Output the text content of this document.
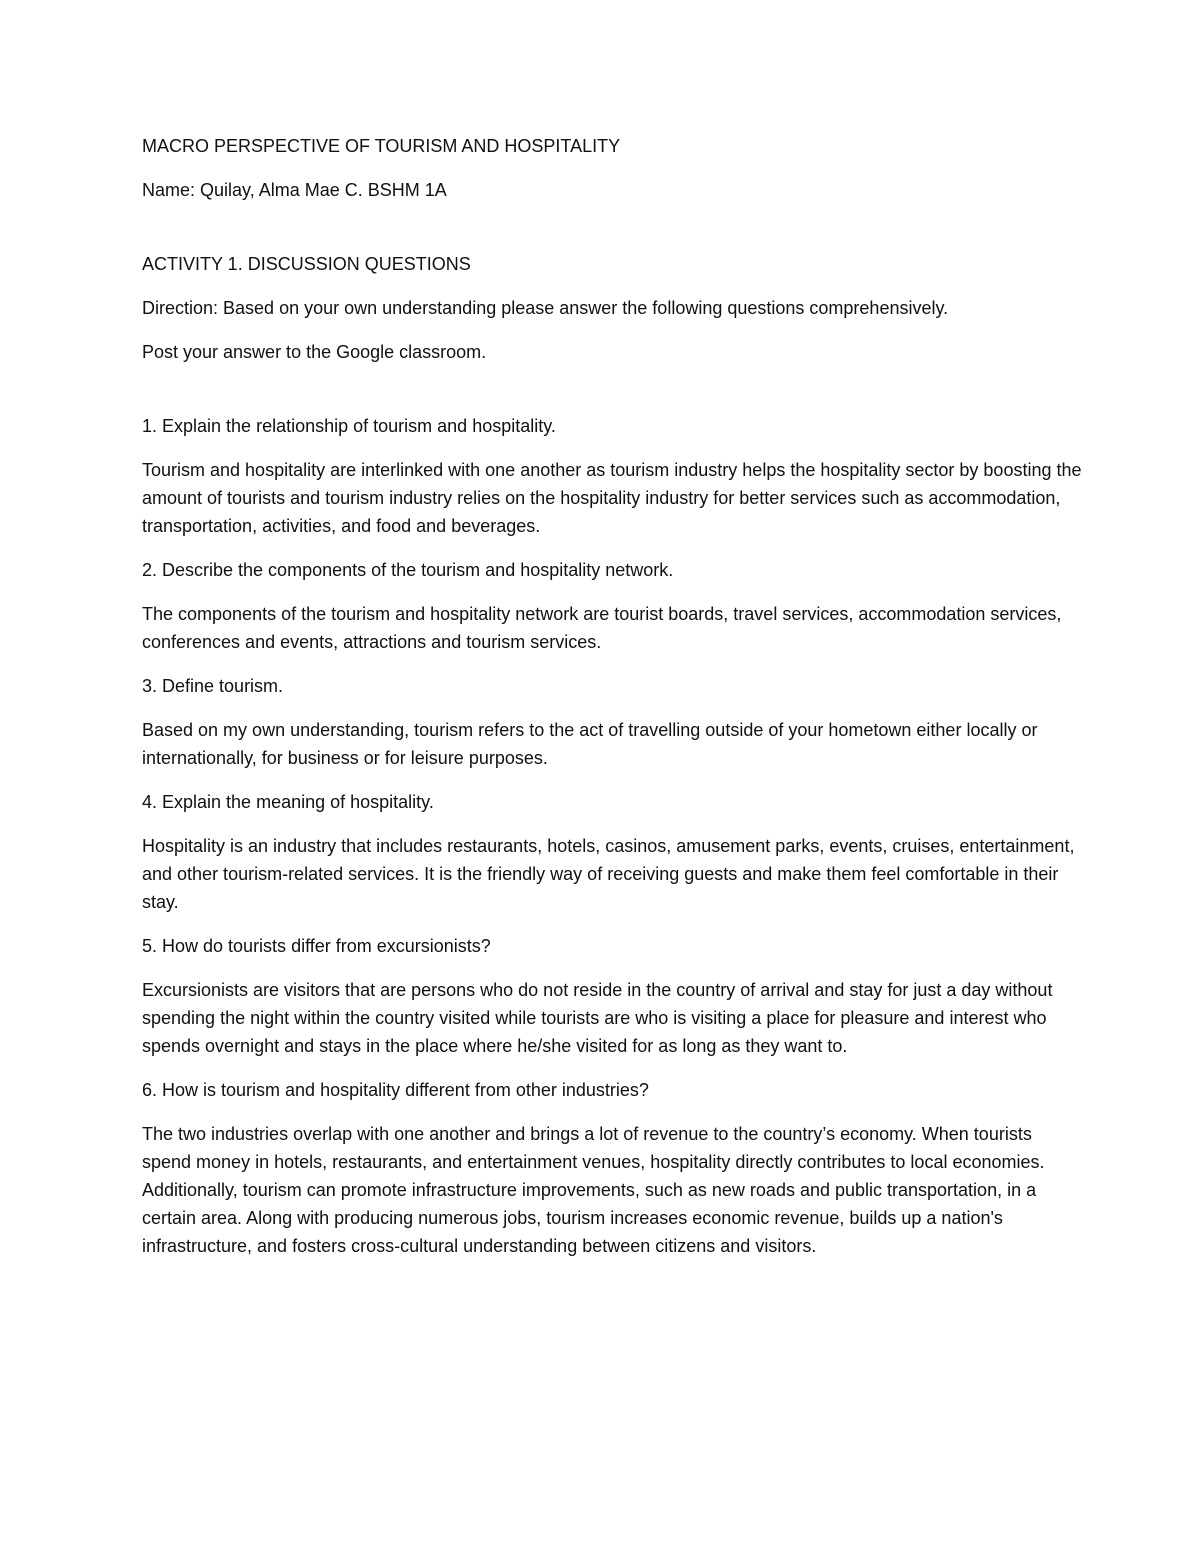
MACRO PERSPECTIVE OF TOURISM AND HOSPITALITY

Name: Quilay, Alma Mae C. BSHM 1A

ACTIVITY 1. DISCUSSION QUESTIONS

Direction: Based on your own understanding please answer the following questions comprehensively.

Post your answer to the Google classroom.

1. Explain the relationship of tourism and hospitality.

Tourism and hospitality are interlinked with one another as tourism industry helps the hospitality sector by boosting the amount of tourists and tourism industry relies on the hospitality industry for better services such as accommodation, transportation, activities, and food and beverages.

2. Describe the components of the tourism and hospitality network.

The components of the tourism and hospitality network are tourist boards, travel services, accommodation services, conferences and events, attractions and tourism services.

3. Define tourism.

Based on my own understanding, tourism refers to the act of travelling outside of your hometown either locally or internationally, for business or for leisure purposes.

4. Explain the meaning of hospitality.

Hospitality is an industry that includes restaurants, hotels, casinos, amusement parks, events, cruises, entertainment, and other tourism-related services. It is the friendly way of receiving guests and make them feel comfortable in their stay.

5. How do tourists differ from excursionists?

Excursionists are visitors that are persons who do not reside in the country of arrival and stay for just a day without spending the night within the country visited while tourists are who is visiting a place for pleasure and interest who spends overnight and stays in the place where he/she visited for as long as they want to.

6. How is tourism and hospitality different from other industries?

The two industries overlap with one another and brings a lot of revenue to the country’s economy. When tourists spend money in hotels, restaurants, and entertainment venues, hospitality directly contributes to local economies. Additionally, tourism can promote infrastructure improvements, such as new roads and public transportation, in a certain area. Along with producing numerous jobs, tourism increases economic revenue, builds up a nation's infrastructure, and fosters cross-cultural understanding between citizens and visitors.
